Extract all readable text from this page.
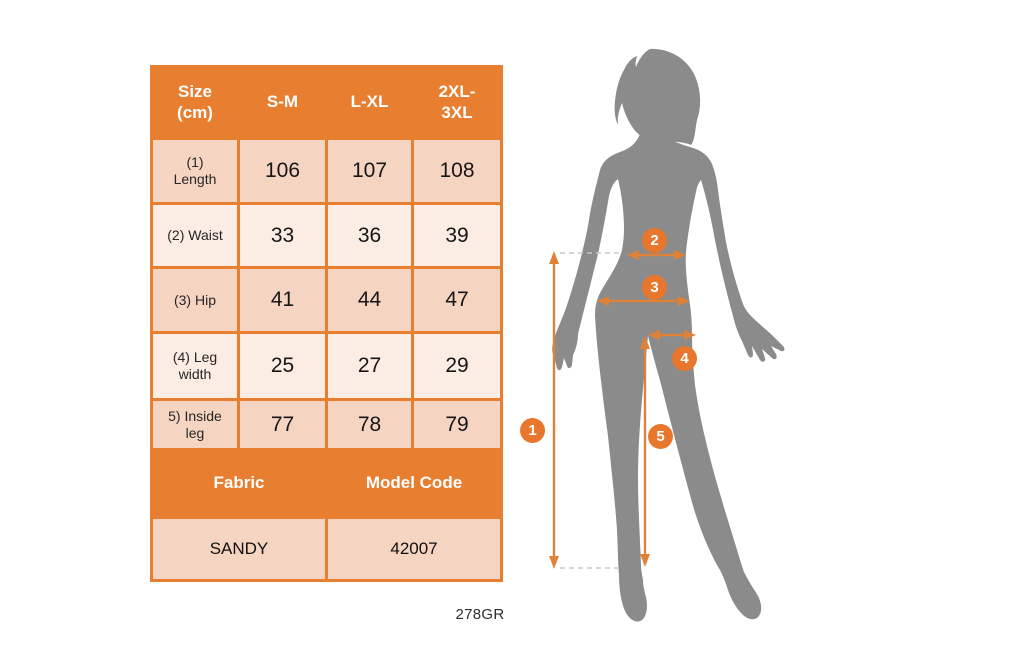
Size (cm)	S-M	L-XL	2XL-3XL
(1) Length	106	107	108
(2) Waist	33	36	39
(3) Hip	41	44	47
(4) Leg width	25	27	29
5) Inside leg	77	78	79
Fabric		Model Code	
SANDY		42007	
1
2
3
4
5
278GR
